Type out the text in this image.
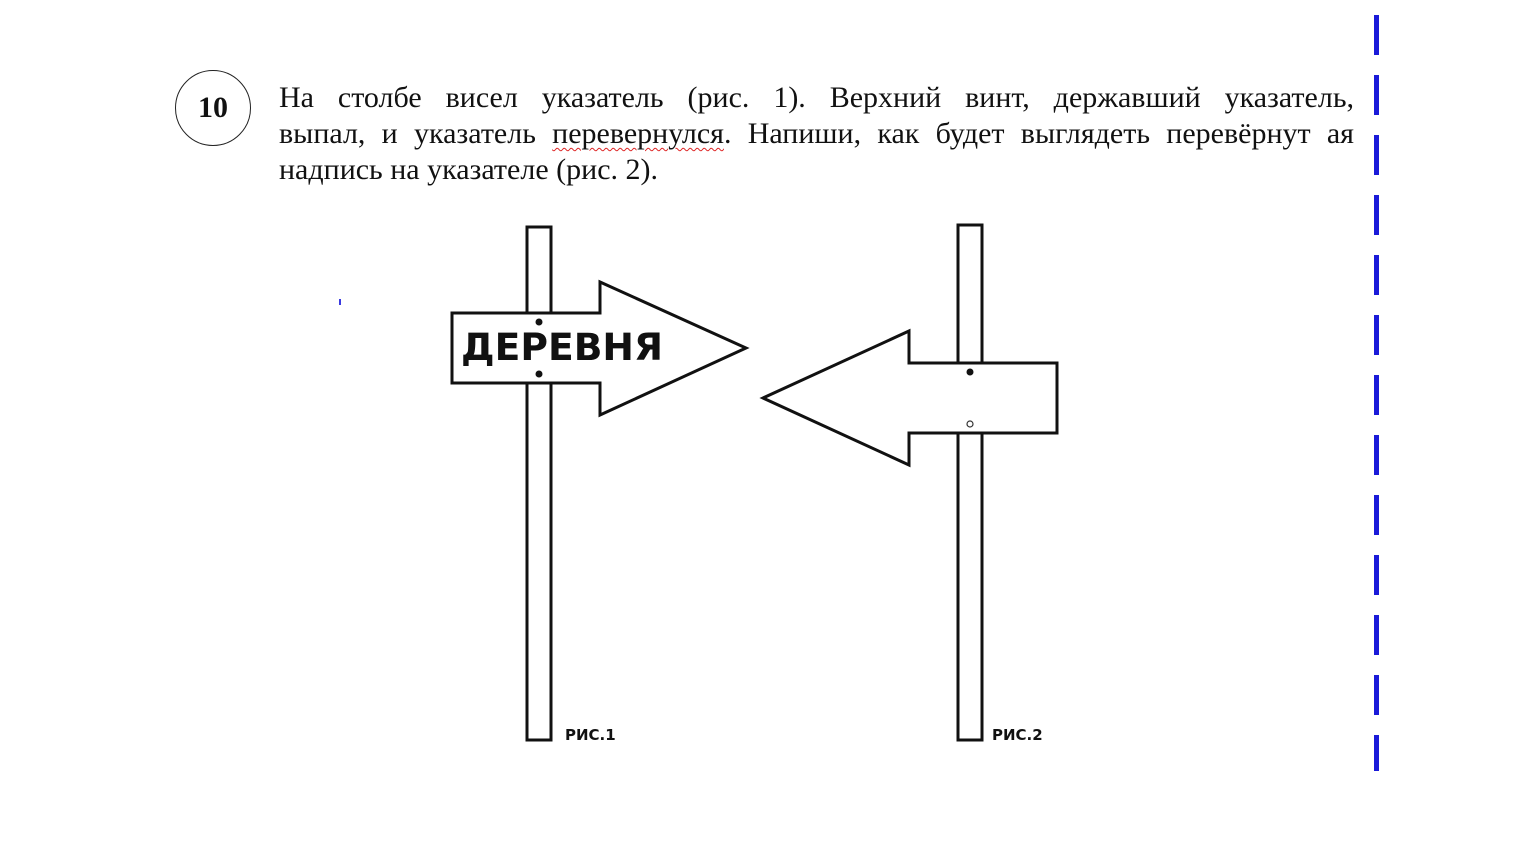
10 На столбе висел указатель (рис. 1). Верхний винт, державший указатель,
выпал, и указатель перевернулся. Напиши, как будет выглядеть перевёрнут ая
надпись на указателе (рис. 2).

ДЕРЕВНЯ
РИС.1	РИС.2
